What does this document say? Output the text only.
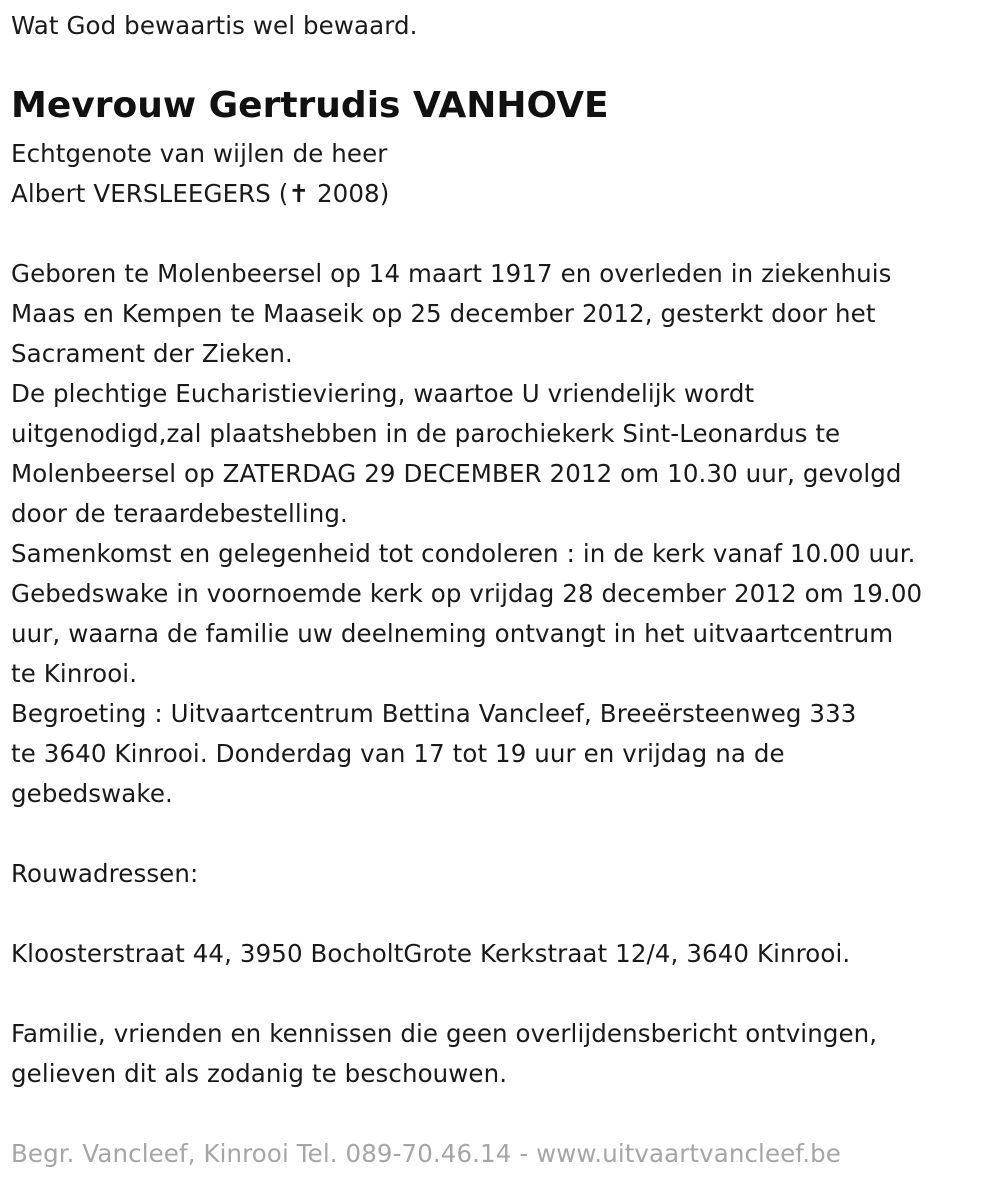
Wat God bewaartis wel bewaard.
Mevrouw Gertrudis VANHOVE
Echtgenote van wijlen de heer
Albert VERSLEEGERS (✝ 2008)
Geboren te Molenbeersel op 14 maart 1917 en overleden in ziekenhuis
Maas en Kempen te Maaseik op 25 december 2012, gesterkt door het
Sacrament der Zieken.
De plechtige Eucharistieviering, waartoe U vriendelijk wordt
uitgenodigd,zal plaatshebben in de parochiekerk Sint-Leonardus te
Molenbeersel op ZATERDAG 29 DECEMBER 2012 om 10.30 uur, gevolgd
door de teraardebestelling.
Samenkomst en gelegenheid tot condoleren : in de kerk vanaf 10.00 uur.
Gebedswake in voornoemde kerk op vrijdag 28 december 2012 om 19.00
uur, waarna de familie uw deelneming ontvangt in het uitvaartcentrum
te Kinrooi.
Begroeting : Uitvaartcentrum Bettina Vancleef, Breeërsteenweg 333
te 3640 Kinrooi. Donderdag van 17 tot 19 uur en vrijdag na de
gebedswake.
Rouwadressen:
Kloosterstraat 44, 3950 BocholtGrote Kerkstraat 12/4, 3640 Kinrooi.
Familie, vrienden en kennissen die geen overlijdensbericht ontvingen,
gelieven dit als zodanig te beschouwen.
Begr. Vancleef, Kinrooi Tel. 089-70.46.14 - www.uitvaartvancleef.be
